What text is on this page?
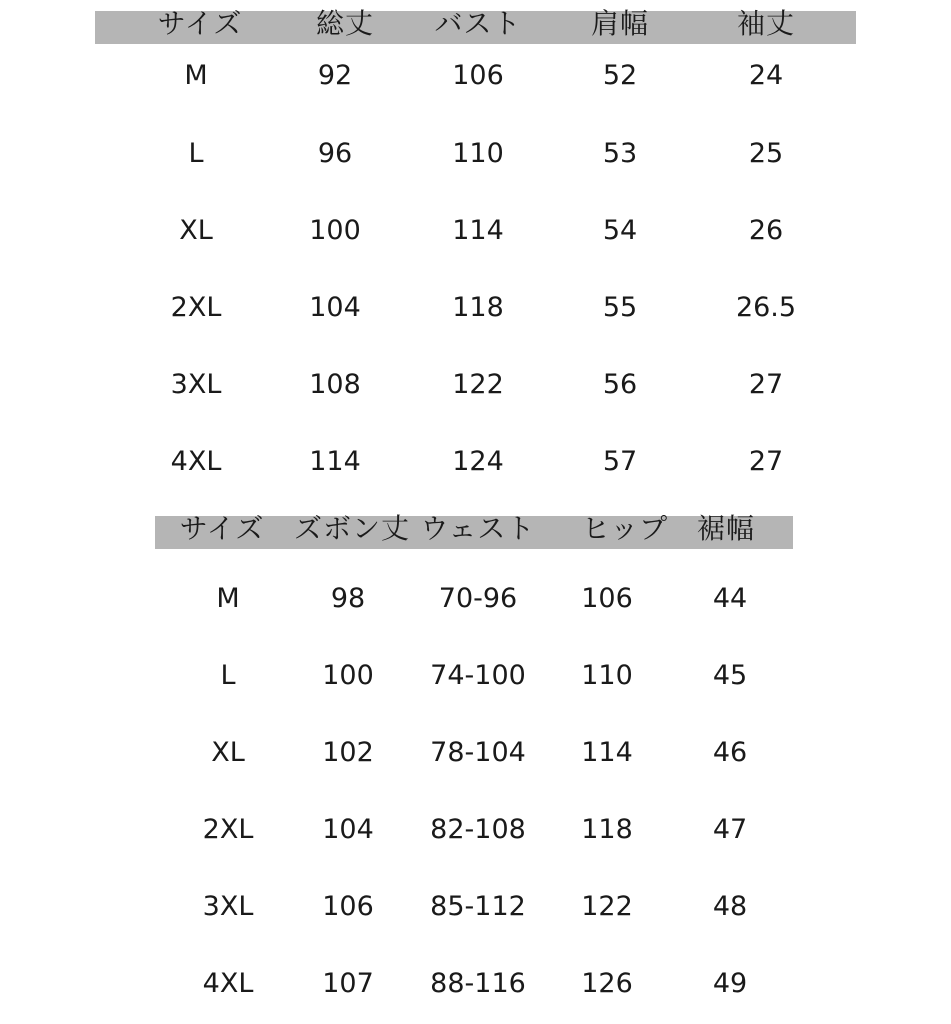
サイズ	総丈 バスト 肩幅	袖丈
M	92	106	52	24
L	96	110	53	25
XL	100	114	54	26
2XL	104	118	55	26.5
3XL	108	122	56	27
4XL	114	124	57	27
サイズ ズボン丈 ウェスト ヒップ 裾幅
M	98	70-96 106	44
L	100 74-100 110	45
XL	102 78-104 114	46
2XL	104 82-108 118	47
3XL	106 85-112 122	48
4XL	107 88-116 126	49
